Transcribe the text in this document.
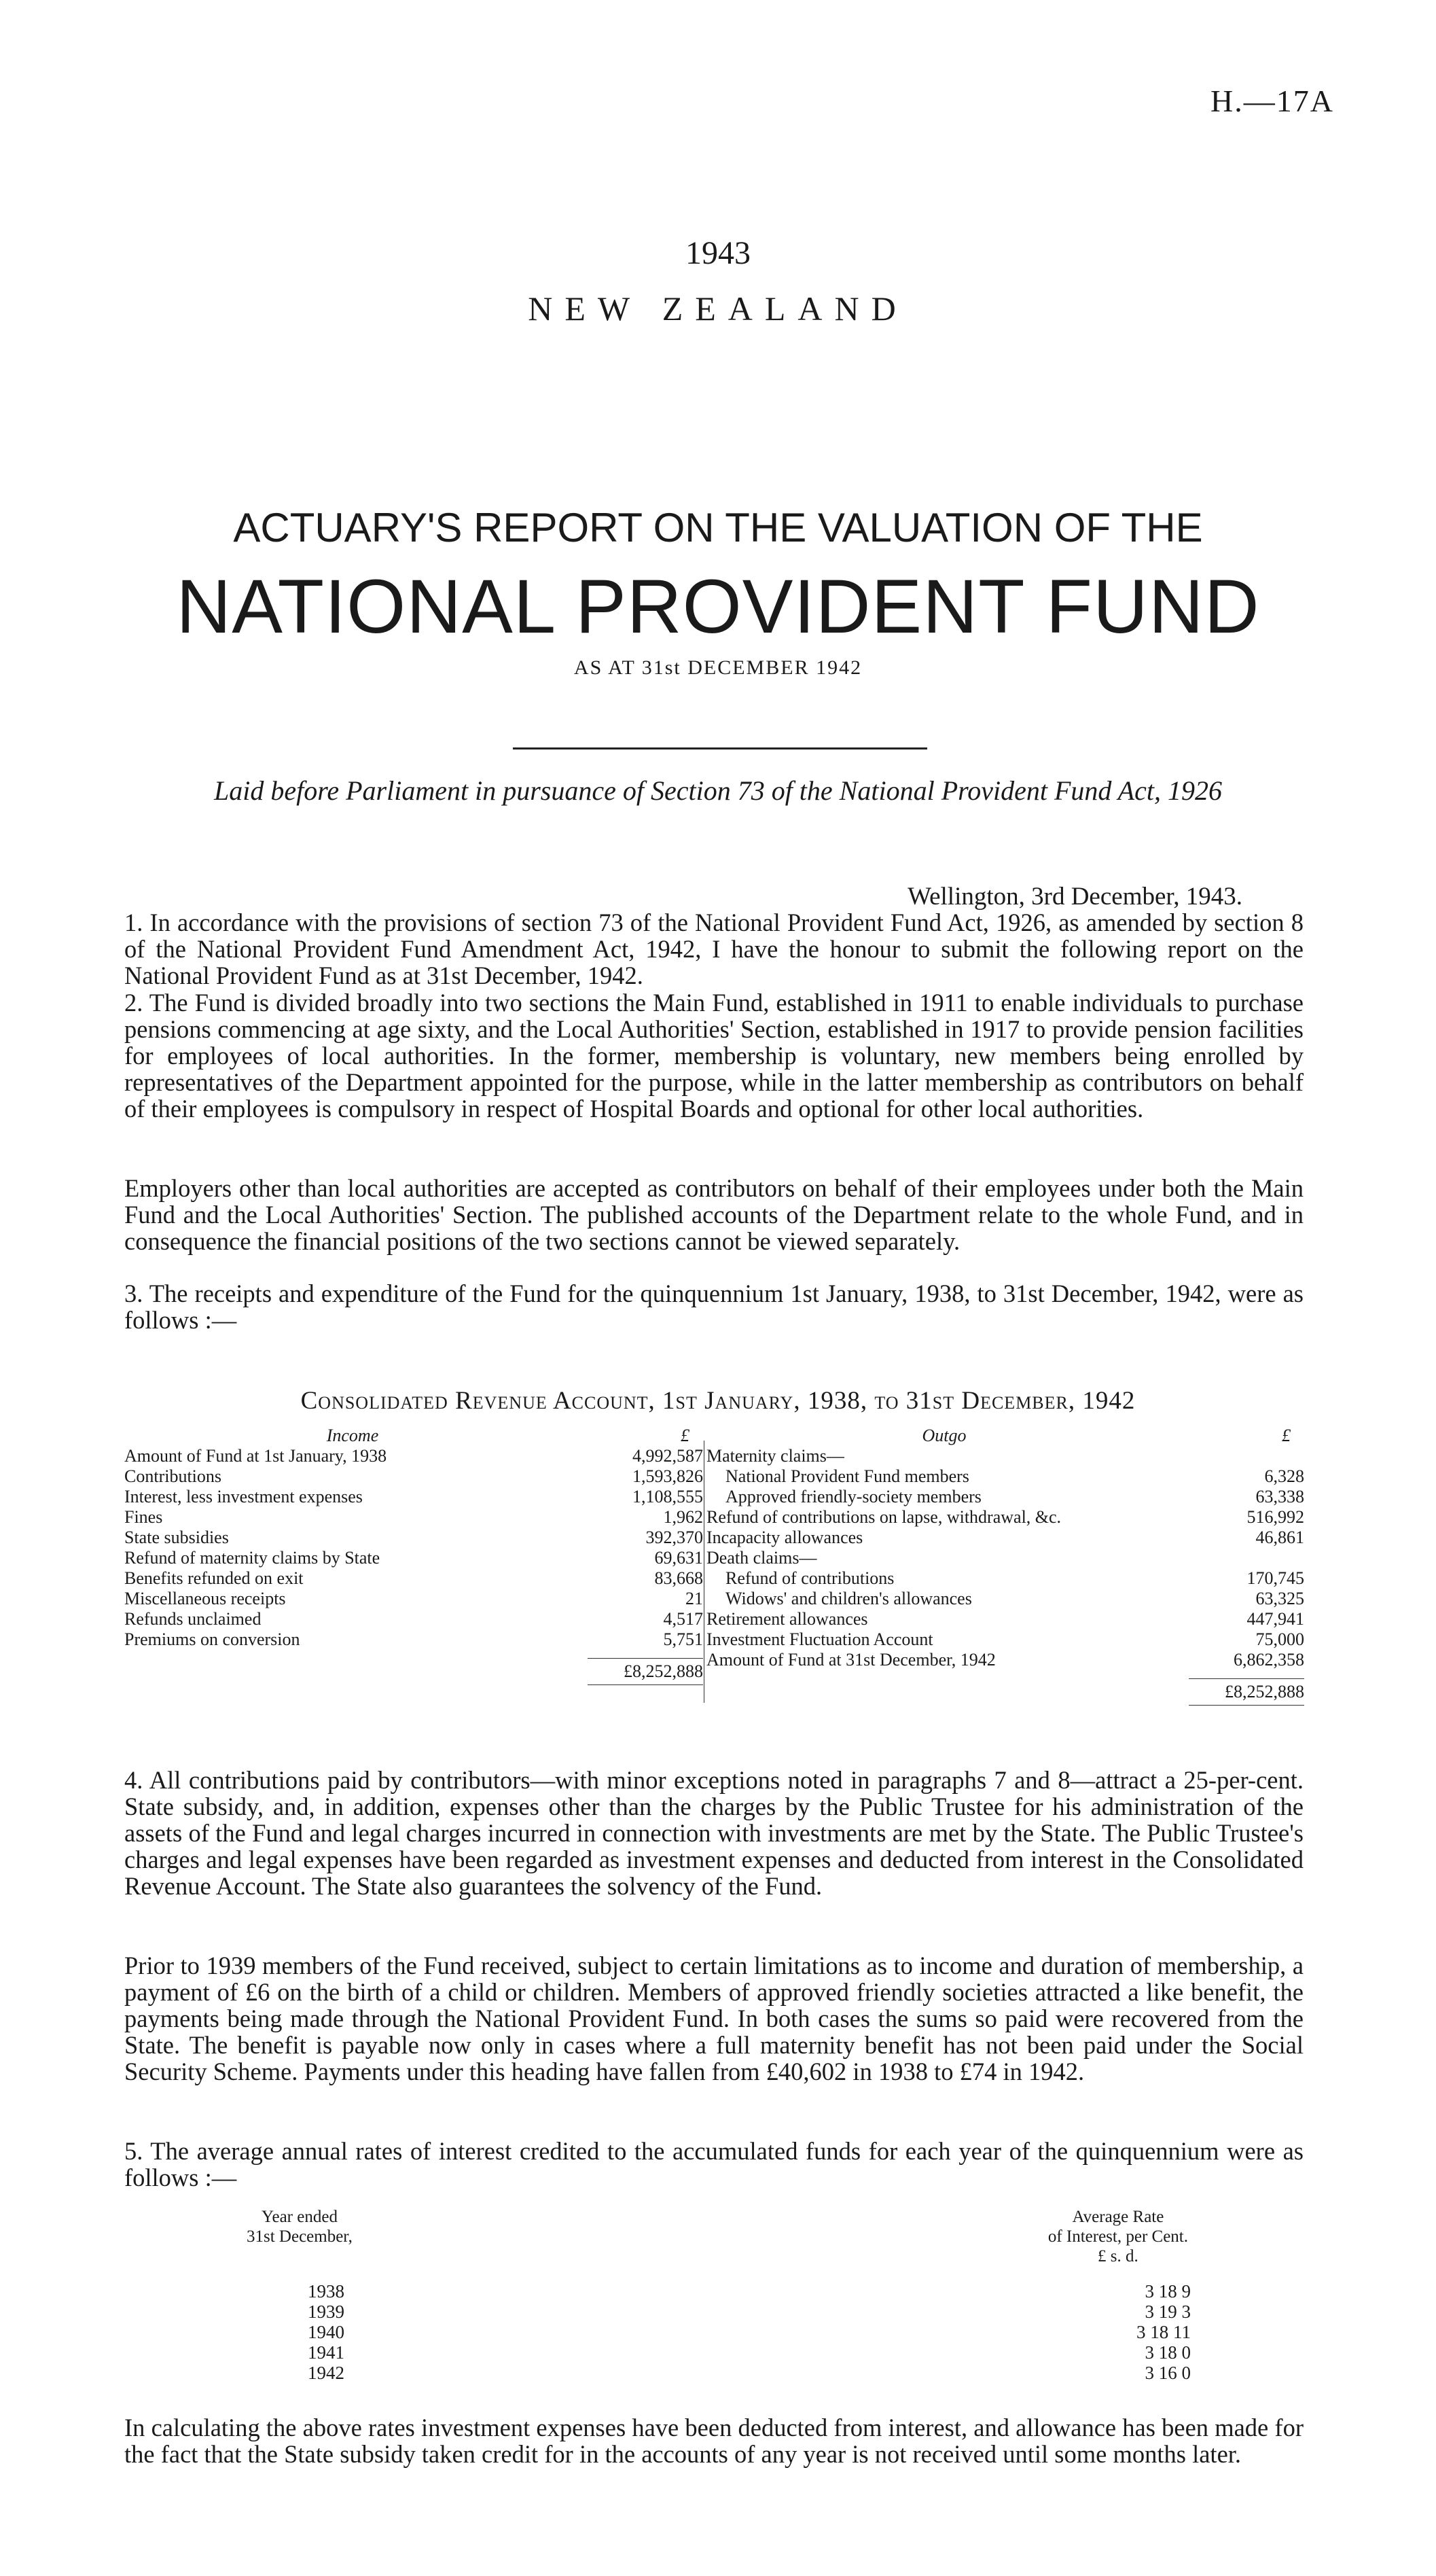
H.—17A
1943
NEW ZEALAND
ACTUARY'S REPORT ON THE VALUATION OF THE
NATIONAL PROVIDENT FUND
AS AT 31st DECEMBER 1942
Laid before Parliament in pursuance of Section 73 of the National Provident Fund Act, 1926
Wellington, 3rd December, 1943.
1. In accordance with the provisions of section 73 of the National Provident Fund Act, 1926, as amended by section 8 of the National Provident Fund Amendment Act, 1942, I have the honour to submit the following report on the National Provident Fund as at 31st December, 1942.
2. The Fund is divided broadly into two sections the Main Fund, established in 1911 to enable individuals to purchase pensions commencing at age sixty, and the Local Authorities' Section, established in 1917 to provide pension facilities for employees of local authorities. In the former, membership is voluntary, new members being enrolled by representatives of the Department appointed for the purpose, while in the latter membership as contributors on behalf of their employees is compulsory in respect of Hospital Boards and optional for other local authorities.
Employers other than local authorities are accepted as contributors on behalf of their employees under both the Main Fund and the Local Authorities' Section. The published accounts of the Department relate to the whole Fund, and in consequence the financial positions of the two sections cannot be viewed separately.
3. The receipts and expenditure of the Fund for the quinquennium 1st January, 1938, to 31st December, 1942, were as follows :—
Consolidated Revenue Account, 1st January, 1938, to 31st December, 1942
Income	£
Amount of Fund at 1st January, 1938	4,992,587
Contributions	1,593,826
Interest, less investment expenses	1,108,555
Fines	1,962
State subsidies	392,370
Refund of maternity claims by State	69,631
Benefits refunded on exit	83,668
Miscellaneous receipts	21
Refunds unclaimed	4,517
Premiums on conversion	5,751
£8,252,888
Outgo	£
Maternity claims—
National Provident Fund members	6,328
Approved friendly-society members	63,338
Refund of contributions on lapse, withdrawal, &c.	516,992
Incapacity allowances	46,861
Death claims—
Refund of contributions	170,745
Widows' and children's allowances	63,325
Retirement allowances	447,941
Investment Fluctuation Account	75,000
Amount of Fund at 31st December, 1942	6,862,358
£8,252,888
4. All contributions paid by contributors—with minor exceptions noted in paragraphs 7 and 8—attract a 25-per-cent. State subsidy, and, in addition, expenses other than the charges by the Public Trustee for his administration of the assets of the Fund and legal charges incurred in connection with investments are met by the State. The Public Trustee's charges and legal expenses have been regarded as investment expenses and deducted from interest in the Consolidated Revenue Account. The State also guarantees the solvency of the Fund.
Prior to 1939 members of the Fund received, subject to certain limitations as to income and duration of membership, a payment of £6 on the birth of a child or children. Members of approved friendly societies attracted a like benefit, the payments being made through the National Provident Fund. In both cases the sums so paid were recovered from the State. The benefit is payable now only in cases where a full maternity benefit has not been paid under the Social Security Scheme. Payments under this heading have fallen from £40,602 in 1938 to £74 in 1942.
5. The average annual rates of interest credited to the accumulated funds for each year of the quinquennium were as follows :—
Year ended
31st December,
Average Rate
of Interest, per Cent.
£ s. d.
1938	3 18 9
1939	3 19 3
1940	3 18 11
1941	3 18 0
1942	3 16 0
In calculating the above rates investment expenses have been deducted from interest, and allowance has been made for the fact that the State subsidy taken credit for in the accounts of any year is not received until some months later.
